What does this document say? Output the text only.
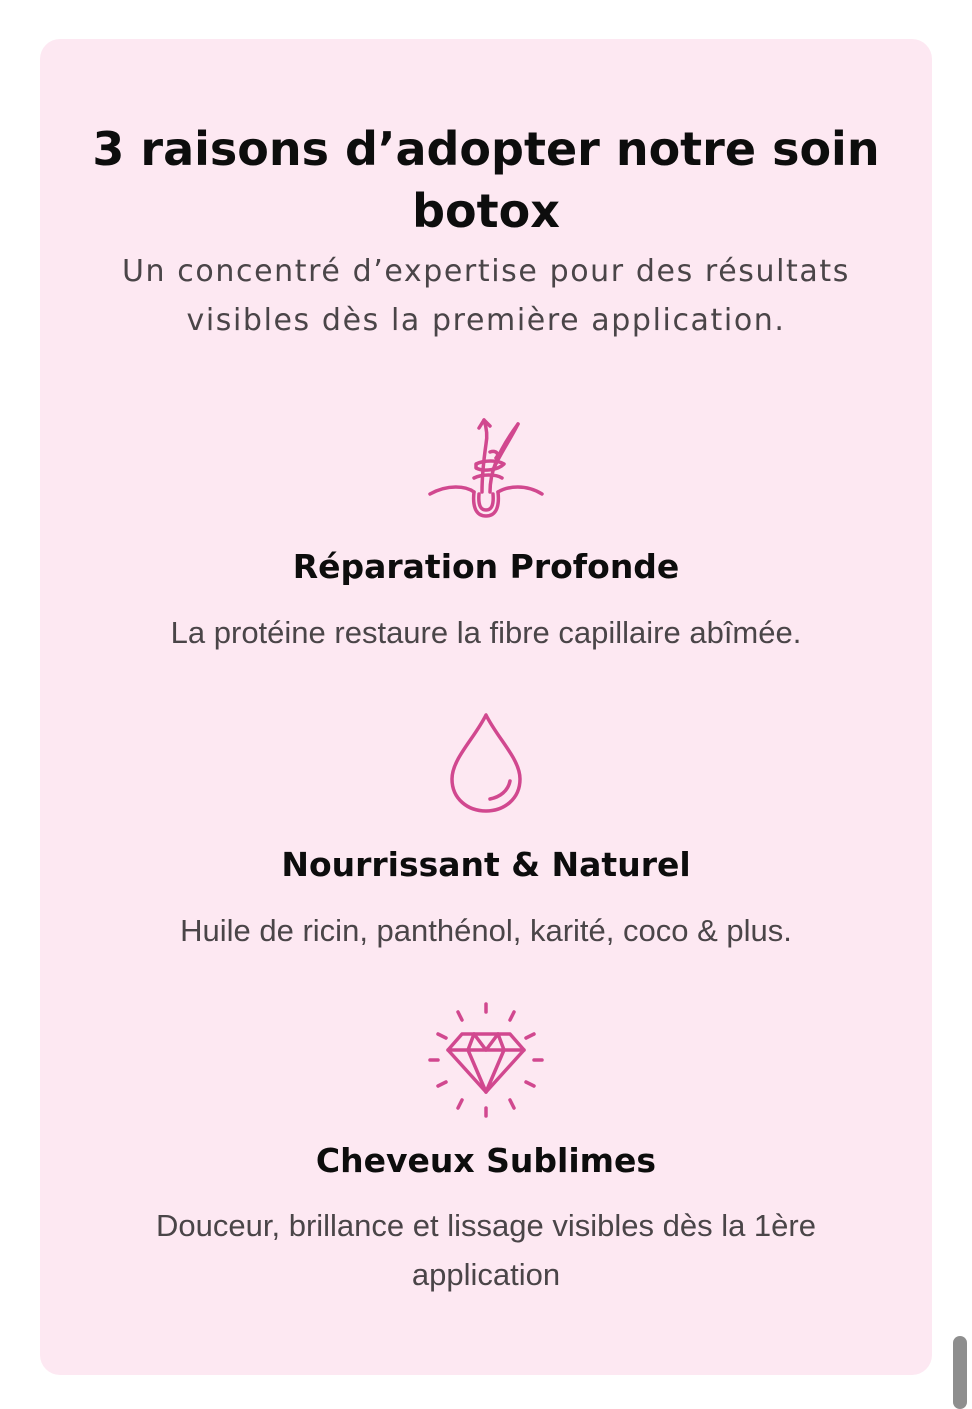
3 raisons d’adopter notre soin
botox

Un concentré d’expertise pour des résultats
visibles dès la première application.

Réparation Profonde

La protéine restaure la fibre capillaire abîmée.

Nourrissant & Naturel

Huile de ricin, panthénol, karité, coco & plus.

Cheveux Sublimes

Douceur, brillance et lissage visibles dès la 1ère
application
